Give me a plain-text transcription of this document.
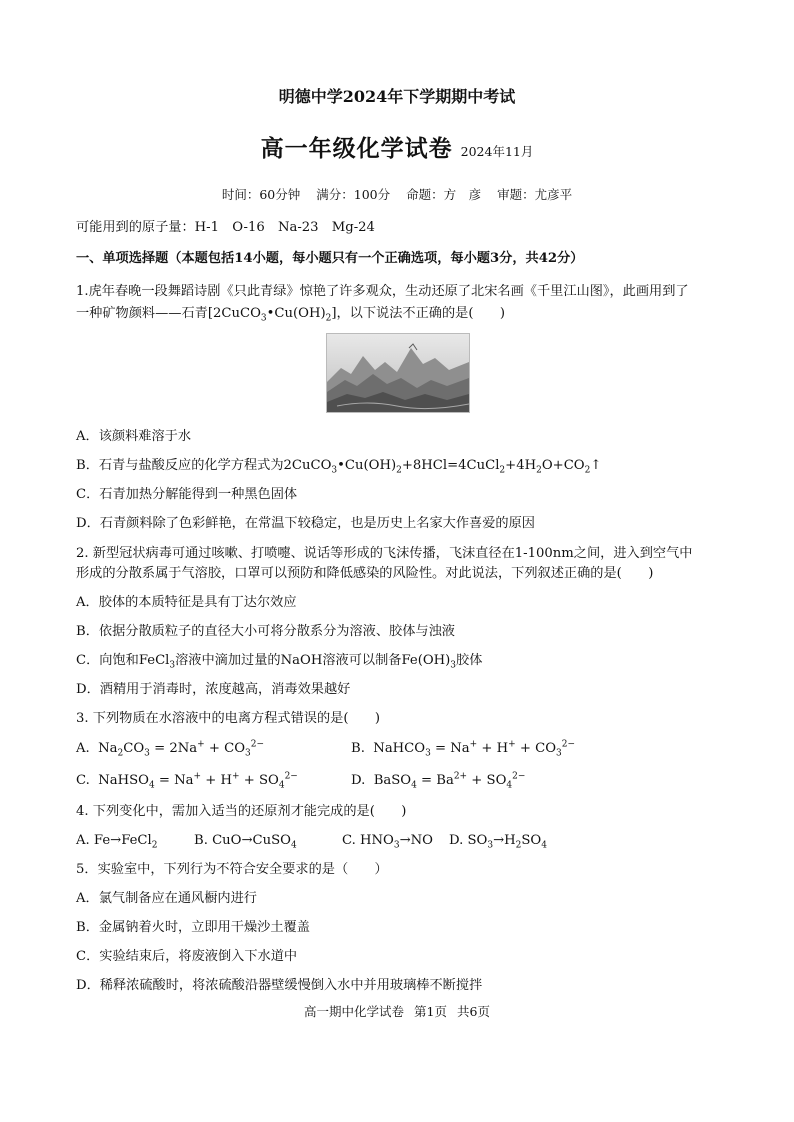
明德中学2024年下学期期中考试
高一年级化学试卷 2024年11月
时间：60分钟 满分：100分 命题：方　彦 审题：尤彦平
可能用到的原子量：H-1　O-16　Na-23　Mg-24
一、单项选择题（本题包括14小题，每小题只有一个正确选项，每小题3分，共42分）
1.虎年春晚一段舞蹈诗剧《只此青绿》惊艳了许多观众，生动还原了北宋名画《千里江山图》，此画用到了
一种矿物颜料——石青$[2CuCO_3•Cu(OH)_2]$，以下说法不正确的是(　　)
千里江山图
A．该颜料难溶于水
B．石青与盐酸反应的化学方程式为$2CuCO_3•Cu(OH)_2+8HCl=4CuCl_2+4H_2O+CO_2↑$
C．石青加热分解能得到一种黑色固体
D．石青颜料除了色彩鲜艳，在常温下较稳定，也是历史上名家大作喜爱的原因
2. 新型冠状病毒可通过咳嗽、打喷嚏、说话等形成的飞沫传播，飞沫直径在1-100nm之间，进入到空气中
形成的分散系属于气溶胶，口罩可以预防和降低感染的风险性。对此说法，下列叙述正确的是(　　)
A．胶体的本质特征是具有丁达尔效应
B．依据分散质粒子的直径大小可将分散系分为溶液、胶体与浊液
C．向饱和FeCl$_3$溶液中滴加过量的NaOH溶液可以制备$Fe(OH)_3$胶体
D．酒精用于消毒时，浓度越高，消毒效果越好
3. 下列物质在水溶液中的电离方程式错误的是(　　)
A. $Na_2CO_3 = 2Na^+ + CO_3^{2-}$	B. NaHCO$_3$ = $Na^+ + H^+ + CO_3^{2-}$
C. NaHSO$_4$ = $Na^+ + H^+ + SO_4^{2-}$	D. BaSO$_4$ = $Ba^{2+} + SO_4^{2-}$
4. 下列变化中，需加入适当的还原剂才能完成的是(　　)
A. Fe→FeCl$_2$	B. CuO→CuSO$_4$	C. $HNO_3\to NO$ D. $SO_3\to H_2SO_4$
5．实验室中，下列行为不符合安全要求的是（　　）
A．氯气制备应在通风橱内进行
B．金属钠着火时，立即用干燥沙土覆盖
C．实验结束后，将废液倒入下水道中
D．稀释浓硫酸时，将浓硫酸沿器壁缓慢倒入水中并用玻璃棒不断搅拌
高一期中化学试卷 第1页 共6页
